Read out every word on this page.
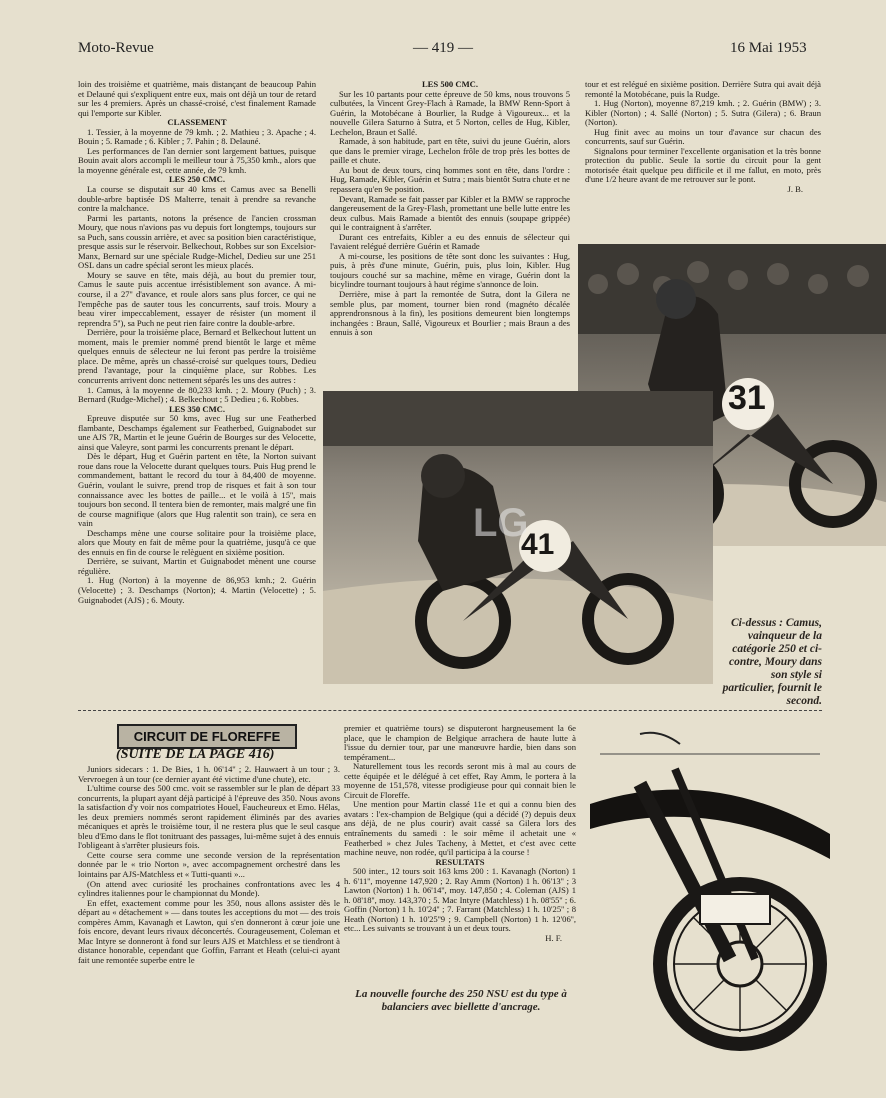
Moto-Revue	— 419 —	16 Mai 1953

loin des troisième et quatrième, mais distançant de beaucoup Pahin et Delauné qui s'expliquent entre eux, mais ont déjà un tour de retard sur les 4 premiers. Après un chassé-croisé, c'est finalement Ramade qui l'emporte sur Kibler.

CLASSEMENT

1. Tessier, à la moyenne de 79 kmh. ; 2. Mathieu ; 3. Apache ; 4. Bouin ; 5. Ramade ; 6. Kibler ; 7. Pahin ; 8. Delauné.

Les performances de l'an dernier sont largement battues, puisque Bouin avait alors accompli le meilleur tour à 75,350 kmh., alors que la moyenne générale est, cette année, de 79 kmh.

LES 250 CMC.

La course se disputait sur 40 kms et Camus avec sa Benelli double-arbre baptisée DS Malterre, tenait à prendre sa revanche contre la malchance.

Parmi les partants, notons la présence de l'ancien crossman Moury, que nous n'avions pas vu depuis fort longtemps, toujours sur sa Puch, sans coussin arrière, et avec sa position bien caractéristique, presque assis sur le réservoir. Belkechout, Robbes sur son Excelsior-Manx, Bernard sur une spéciale Rudge-Michel, Dedieu sur une 251 OSL dans un cadre spécial seront les mieux placés.

Moury se sauve en tête, mais déjà, au bout du premier tour, Camus le saute puis accentue irrésistiblement son avance. A mi-course, il a 27'' d'avance, et roule alors sans plus forcer, ce qui ne l'empêche pas de sauter tous les concurrents, sauf trois. Moury a beau virer impeccablement, essayer de résister (un moment il reprendra 5''), sa Puch ne peut rien faire contre la double-arbre.

Derrière, pour la troisième place, Bernard et Belkechout luttent un moment, mais le premier nommé prend bientôt le large et même quelques ennuis de sélecteur ne lui feront pas perdre la troisième place. De même, après un chassé-croisé sur quelques tours, Dedieu prend l'avantage, pour la cinquième place, sur Robbes. Les concurrents arrivent donc nettement séparés les uns des autres :

1. Camus, à la moyenne de 80,233 kmh. ; 2. Moury (Puch) ; 3. Bernard (Rudge-Michel) ; 4. Belkechout ; 5 Dedieu ; 6. Robbes.

LES 350 CMC.

Epreuve disputée sur 50 kms, avec Hug sur une Featherbed flambante, Deschamps également sur Featherbed, Guignabodet sur une AJS 7R, Martin et le jeune Guérin de Bourges sur des Velocette, ainsi que Valeyre, sont parmi les concurrents prenant le départ.

Dès le départ, Hug et Guérin partent en tête, la Norton suivant roue dans roue la Velocette durant quelques tours. Puis Hug prend le commandement, battant le record du tour à 84,400 de moyenne. Guérin, voulant le suivre, prend trop de risques et fait à son tour connaissance avec les bottes de paille... et le voilà à 15'', mais toujours bon second. Il tentera bien de remonter, mais malgré une fin de course magnifique (alors que Hug ralentit son train), ce sera en vain

Deschamps mène une course solitaire pour la troisième place, alors que Mouty en fait de même pour la quatrième, jusqu'à ce que des ennuis en fin de course le relèguent en sixième position.

Derrière, se suivant, Martin et Guignabodet mènent une course régulière.

1. Hug (Norton) à la moyenne de 86,953 kmh.; 2. Guérin (Velocette) ; 3. Deschamps (Norton); 4. Martin (Velocette) ; 5. Guignabodet (AJS) ; 6. Mouty.

LES 500 CMC.

Sur les 10 partants pour cette épreuve de 50 kms, nous trouvons 5 culbutées, la Vincent Grey-Flach à Ramade, la BMW Renn-Sport à Guérin, la Motobécane à Bourlier, la Rudge à Vigoureux... et la nouvelle Gilera Saturno à Sutra, et 5 Norton, celles de Hug, Kibler, Lechelon, Braun et Sallé.

Ramade, à son habitude, part en tête, suivi du jeune Guérin, alors que dans le premier virage, Lechelon frôle de trop près les bottes de paille et chute.

Au bout de deux tours, cinq hommes sont en tête, dans l'ordre : Hug, Ramade, Kibler, Guérin et Sutra ; mais bientôt Sutra chute et ne repassera qu'en 9e position.

Devant, Ramade se fait passer par Kibler et la BMW se rapproche dangereusement de la Grey-Flash, promettant une belle lutte entre les deux culbus. Mais Ramade a bientôt des ennuis (soupape grippée) qui le contraignent à s'arrêter.

Durant ces entrefaits, Kibler a eu des ennuis de sélecteur qui l'avaient relégué derrière Guérin et Ramade

A mi-course, les positions de tête sont donc les suivantes : Hug, puis, à près d'une minute, Guérin, puis, plus loin, Kibler. Hug toujours couché sur sa machine, même en virage, Guérin dont la bicylindre tournant toujours à haut régime s'annonce de loin.

Derrière, mise à part la remontée de Sutra, dont la Gilera ne semble plus, par moment, tourner bien rond (magnéto décalée apprendronsnous à la fin), les positions demeurent bien longtemps inchangées : Braun, Sallé, Vigoureux et Bourlier ; mais Braun a des ennuis à son

tour et est relégué en sixième position. Derrière Sutra qui avait déjà remonté la Motobécane, puis la Rudge.

1. Hug (Norton), moyenne 87,219 kmh. ; 2. Guérin (BMW) ; 3. Kibler (Norton) ; 4. Sallé (Norton) ; 5. Sutra (Gilera) ; 6. Braun (Norton).

Hug finit avec au moins un tour d'avance sur chacun des concurrents, sauf sur Guérin.

Signalons pour terminer l'excellente organisation et la très bonne protection du public. Seule la sortie du circuit pour la gent motorisée était quelque peu difficile et il me fallut, en moto, près d'une 1/2 heure avant de me retrouver sur le pont.

J. B.

31
41
LG
Ci-dessus : Camus, vainqueur de la catégorie 250 et ci-contre, Moury dans son style si particulier, fournit le second.
CIRCUIT DE FLOREFFE
(SUITE DE LA PAGE 416)

Juniors sidecars : 1. De Bies, 1 h. 06'14'' ; 2. Hauwaert à un tour ; 3. Vervroegen à un tour (ce dernier ayant été victime d'une chute), etc.

L'ultime course des 500 cmc. voit se rassembler sur le plan de départ 33 concurrents, la plupart ayant déjà participé à l'épreuve des 350. Nous avons la satisfaction d'y voir nos compatriotes Houel, Faucheureux et Emo. Hélas, les deux premiers nommés seront rapidement éliminés par des avaries mécaniques et après le troisième tour, il ne restera plus que le seul casque bleu d'Emo dans le flot tonitruant des passages, lui-même sujet à des ennuis l'obligeant à s'arrêter plusieurs fois.

Cette course sera comme une seconde version de la représentation donnée par le « trio Norton », avec accompagnement orchestré dans les lointains par AJS-Matchless et « Tutti-quanti »...

(On attend avec curiosité les prochaines confrontations avec les 4 cylindres italiennes pour le championnat du Monde).

En effet, exactement comme pour les 350, nous allons assister dès le départ au « détachement » — dans toutes les acceptions du mot — des trois compères Amm, Kavanagh et Lawton, qui s'en donneront à cœur joie une fois encore, devant leurs rivaux déconcertés. Courageusement, Coleman et Mac Intyre se donneront à fond sur leurs AJS et Matchless et se tiendront à distance honorable, cependant que Goffin, Farrant et Heath (celui-ci ayant fait une remontée superbe entre le

premier et quatrième tours) se disputeront hargneusement la 6e place, que le champion de Belgique arrachera de haute lutte à l'issue du dernier tour, par une manœuvre hardie, bien dans son tempérament...

Naturellement tous les records seront mis à mal au cours de cette équipée et le délégué à cet effet, Ray Amm, le portera à la moyenne de 151,578, vitesse prodigieuse pour qui connait bien le Circuit de Floreffe.

Une mention pour Martin classé 11e et qui a connu bien des avatars : l'ex-champion de Belgique (qui a décidé (?) depuis deux ans déjà, de ne plus courir) avait cassé sa Gilera lors des entraînements du samedi : le soir même il achetait une « Featherbed » chez Jules Tacheny, à Mettet, et c'est avec cette machine neuve, non rodée, qu'il participa à la course !

RESULTATS

500 inter., 12 tours soit 163 kms 200 : 1. Kavanagh (Norton) 1 h. 6'11'', moyenne 147,920 ; 2. Ray Amm (Norton) 1 h. 06'13'' ; 3 Lawton (Norton) 1 h. 06'14'', moy. 147,850 ; 4. Coleman (AJS) 1 h. 08'18'', moy. 143,370 ; 5. Mac Intyre (Matchless) 1 h. 08'55'' ; 6. Goffin (Norton) 1 h. 10'24'' ; 7. Farrant (Matchless) 1 h. 10'25'' ; 8 Heath (Norton) 1 h. 10'25''9 ; 9. Campbell (Norton) 1 h. 12'06'', etc... Les suivants se trouvant à un et deux tours.

H. F.

La nouvelle fourche des 250 NSU est du type à balanciers avec biellette d'ancrage.
